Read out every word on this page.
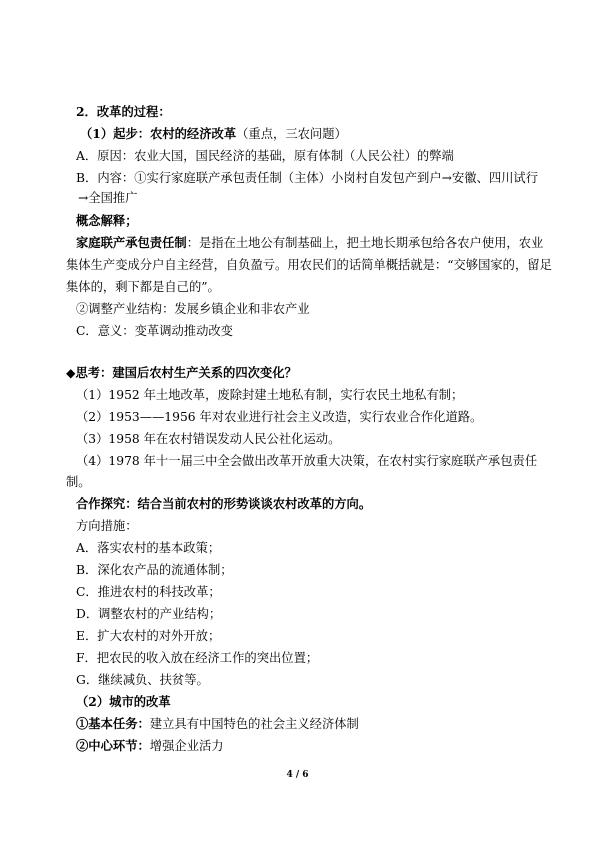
2．改革的过程：
（1）起步：农村的经济改革（重点，三农问题）
A．原因：农业大国，国民经济的基础，原有体制（人民公社）的弊端
B．内容：①实行家庭联产承包责任制（主体）小岗村自发包产到户→安徽、四川试行
→全国推广
概念解释；
家庭联产承包责任制：是指在土地公有制基础上，把土地长期承包给各农户使用，农业
集体生产变成分户自主经营，自负盈亏。用农民们的话简单概括就是：“交够国家的，留足
集体的，剩下都是自己的”。
②调整产业结构：发展乡镇企业和非农产业
C．意义：变革调动推动改变
◆思考：建国后农村生产关系的四次变化？
（1）1952 年土地改革，废除封建土地私有制，实行农民土地私有制；
（2）1953——1956 年对农业进行社会主义改造，实行农业合作化道路。
（3）1958 年在农村错误发动人民公社化运动。
（4）1978 年十一届三中全会做出改革开放重大决策，在农村实行家庭联产承包责任
制。
合作探究：结合当前农村的形势谈谈农村改革的方向。
方向措施：
A．落实农村的基本政策；
B．深化农产品的流通体制；
C．推进农村的科技改革；
D．调整农村的产业结构；
E．扩大农村的对外开放；
F．把农民的收入放在经济工作的突出位置；
G．继续减负、扶贫等。
（2）城市的改革
①基本任务：建立具有中国特色的社会主义经济体制
②中心环节：增强企业活力
4 / 6
